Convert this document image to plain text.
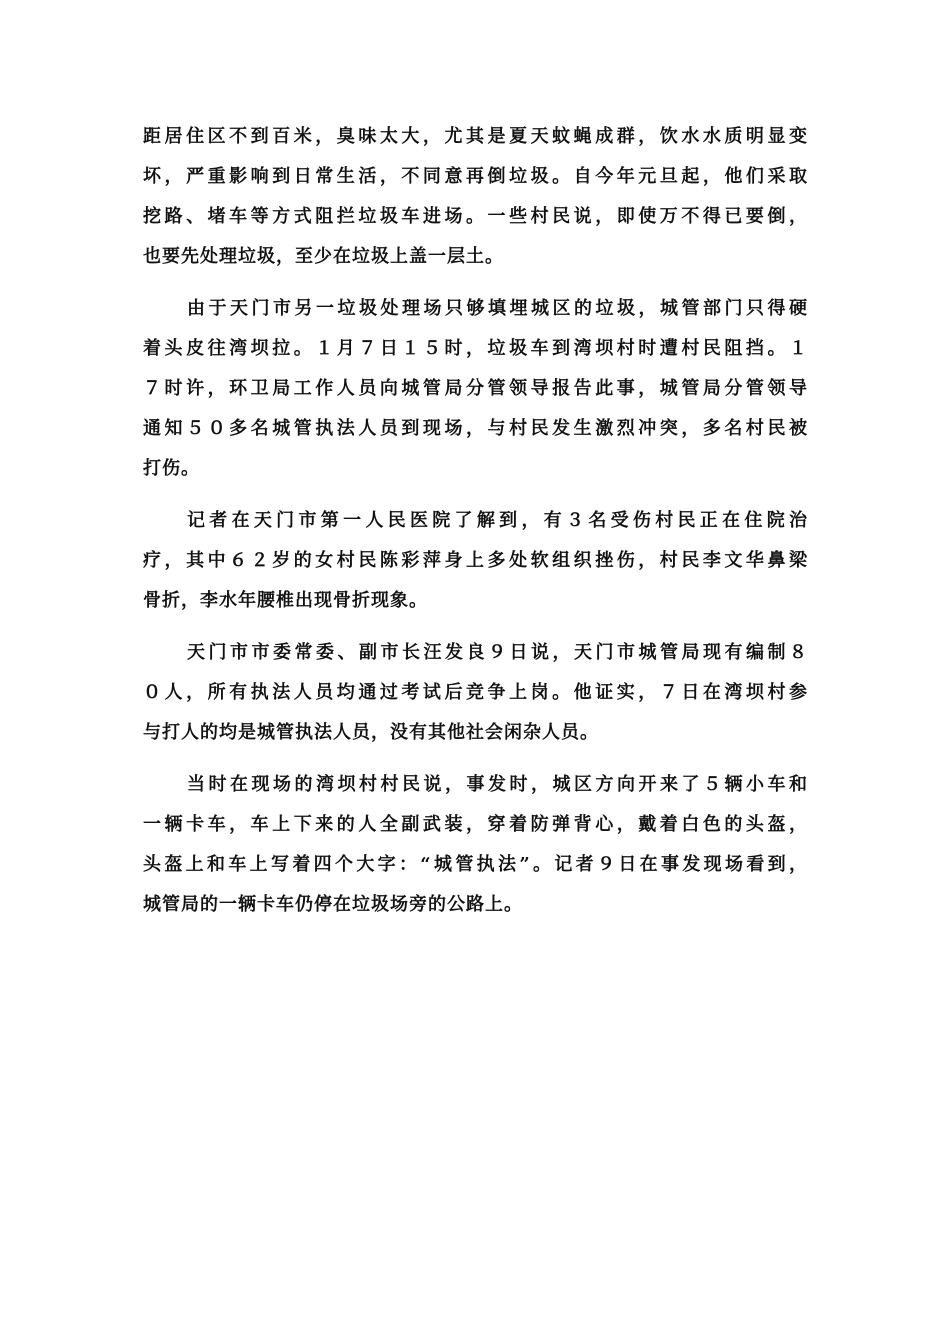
距居住区不到百米，臭味太大，尤其是夏天蚊蝇成群，饮水水质明显变
坏，严重影响到日常生活，不同意再倒垃圾。自今年元旦起，他们采取
挖路、堵车等方式阻拦垃圾车进场。一些村民说，即使万不得已要倒，
也要先处理垃圾，至少在垃圾上盖一层土。
由于天门市另一垃圾处理场只够填埋城区的垃圾，城管部门只得硬
着头皮往湾坝拉。１月７日１５时，垃圾车到湾坝村时遭村民阻挡。１
７时许，环卫局工作人员向城管局分管领导报告此事，城管局分管领导
通知５０多名城管执法人员到现场，与村民发生激烈冲突，多名村民被
打伤。
记者在天门市第一人民医院了解到，有３名受伤村民正在住院治
疗，其中６２岁的女村民陈彩萍身上多处软组织挫伤，村民李文华鼻梁
骨折，李水年腰椎出现骨折现象。
天门市市委常委、副市长汪发良９日说，天门市城管局现有编制８
０人，所有执法人员均通过考试后竞争上岗。他证实，７日在湾坝村参
与打人的均是城管执法人员，没有其他社会闲杂人员。
当时在现场的湾坝村村民说，事发时，城区方向开来了５辆小车和
一辆卡车，车上下来的人全副武装，穿着防弹背心，戴着白色的头盔，
头盔上和车上写着四个大字：“城管执法”。记者９日在事发现场看到，
城管局的一辆卡车仍停在垃圾场旁的公路上。
